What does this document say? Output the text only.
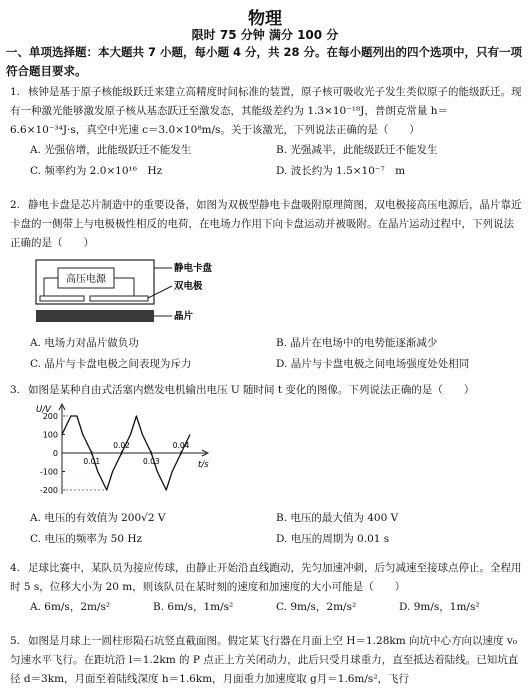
物理
限时 75 分钟 满分 100 分
一、单项选择题：本大题共 7 小题，每小题 4 分，共 28 分。在每小题列出的四个选项中，只有一项符合题目要求。

1. 核钟是基于原子核能级跃迁来建立高精度时间标准的装置，原子核可吸收光子发生类似原子的能级跃迁。现有一种激光能够激发原子核从基态跃迁至激发态，其能级差约为 1.3×10⁻¹⁸J，普朗克常量 h＝6.6×10⁻³⁴J·s，真空中光速 c＝3.0×10⁸m/s。关于该激光，下列说法正确的是（　　）

A. 光强倍增，此能级跃迁不能发生	B. 光强减半，此能级跃迁不能发生
C. 频率约为 2.0×10¹⁶　Hz	D. 波长约为 1.5×10⁻⁷　m

2. 静电卡盘是芯片制造中的重要设备，如图为双极型静电卡盘吸附原理简图，双电极接高压电源后，晶片靠近卡盘的一侧带上与电极极性相反的电荷，在电场力作用下向卡盘运动并被吸附。在晶片运动过程中，下列说法正确的是（　　）

高压电源
静电卡盘
双电极
晶片
A. 电场力对晶片做负功	B. 晶片在电场中的电势能逐渐减少
C. 晶片与卡盘电极之间表现为斥力	D. 晶片与卡盘电极之间电场强度处处相同

3. 如图是某种自由式活塞内燃发电机输出电压 U 随时间 t 变化的图像。下列说法正确的是（　　）

U/V
t/s
200
100
0
-100
-200
0.01
0.02
0.03
0.04
A. 电压的有效值为 200√2 V	B. 电压的最大值为 400 V
C. 电压的频率为 50 Hz	D. 电压的周期为 0.01 s

4. 足球比赛中，某队员为接应传球，由静止开始沿直线跑动，先匀加速冲刺，后匀减速至接球点停止。全程用时 5 s，位移大小为 20 m，则该队员在某时刻的速度和加速度的大小可能是（　　）

A. 6m/s，2m/s²	B. 6m/s，1m/s²	C. 9m/s，2m/s²	D. 9m/s，1m/s²

5. 如图是月球上一圆柱形陨石坑竖直截面图。假定某飞行器在月面上空 H＝1.28km 向坑中心方向以速度 v₀ 匀速水平飞行。在距坑沿 l＝1.2km 的 P 点正上方关闭动力，此后只受月球重力，直至抵达着陆线。已知坑直径 d＝3km，月面至着陆线深度 h＝1.6km，月面重力加速度取 g月＝1.6m/s²，飞行
